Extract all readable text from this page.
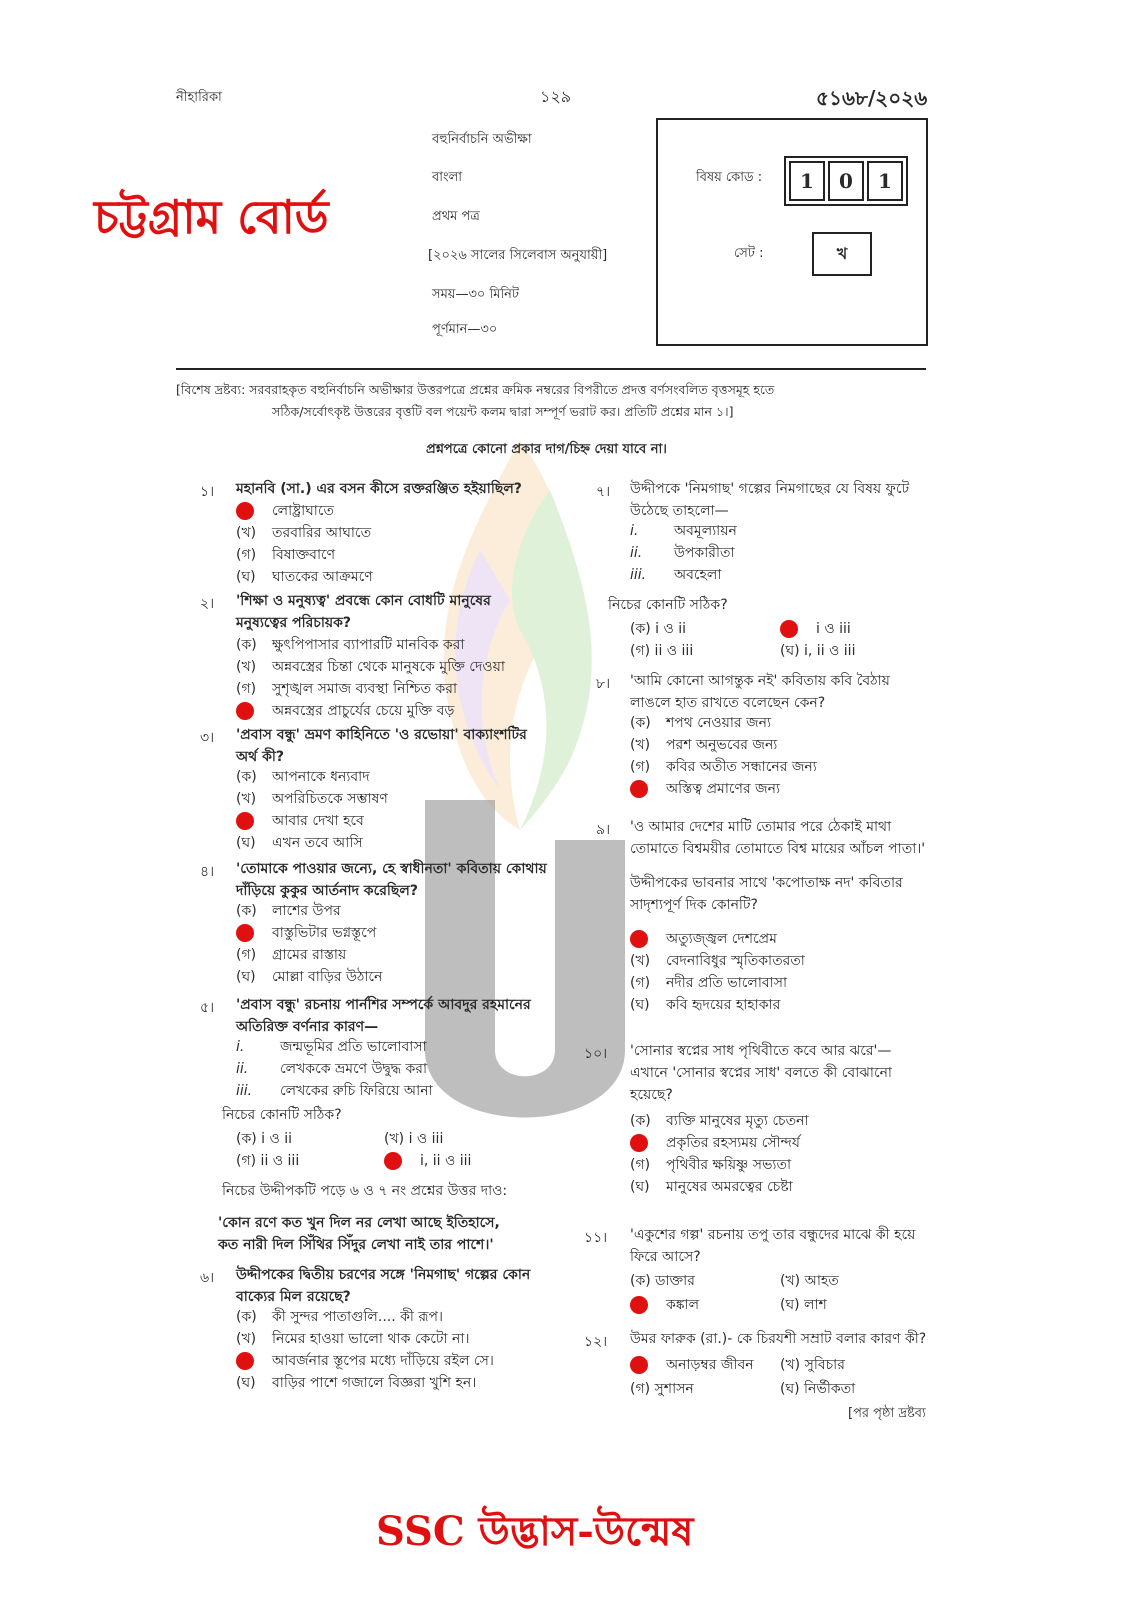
নীহারিকা	১২৯	৫১৬৮/২০২৬
চট্টগ্রাম বোর্ড
বহুনির্বাচনি অভীক্ষা
বাংলা
প্রথম পত্র
[২০২৬ সালের সিলেবাস অনুযায়ী]
সময়—৩০ মিনিট
পূর্ণমান—৩০
বিষয় কোড :	1	0	1
সেট :	খ
[বিশেষ দ্রষ্টব্য: সরবরাহকৃত বহুনির্বাচনি অভীক্ষার উত্তরপত্রে প্রশ্নের ক্রমিক নম্বরের বিপরীতে প্রদত্ত বর্ণসংবলিত বৃত্তসমূহ হতে
সঠিক/সর্বোৎকৃষ্ট উত্তরের বৃত্তটি বল পয়েন্ট কলম দ্বারা সম্পূর্ণ ভরাট কর। প্রতিটি প্রশ্নের মান ১।]
প্রশ্নপত্রে কোনো প্রকার দাগ/চিহ্ন দেয়া যাবে না।
১। মহানবি (সা.) এর বসন কীসে রক্তরঞ্জিত হইয়াছিল?
লোষ্ট্রাঘাতে
(খ)	তরবারির আঘাতে
(গ)	বিষাক্তবাণে
(ঘ)	ঘাতকের আক্রমণে
২। 'শিক্ষা ও মনুষ্যত্ব' প্রবন্ধে কোন বোধটি মানুষের
মনুষ্যত্বের পরিচায়ক?
(ক)	ক্ষুৎপিপাসার ব্যাপারটি মানবিক করা
(খ)	অন্নবস্ত্রের চিন্তা থেকে মানুষকে মুক্তি দেওয়া
(গ)	সুশৃঙ্খল সমাজ ব্যবস্থা নিশ্চিত করা
অন্নবস্ত্রের প্রাচুর্যের চেয়ে মুক্তি বড়
৩। 'প্রবাস বন্ধু' ভ্রমণ কাহিনিতে 'ও রভোয়া' বাক্যাংশটির
অর্থ কী?
(ক)	আপনাকে ধন্যবাদ
(খ)	অপরিচিতকে সম্ভাষণ
আবার দেখা হবে
(ঘ)	এখন তবে আসি
৪। 'তোমাকে পাওয়ার জন্যে, হে স্বাধীনতা' কবিতায় কোথায়
দাঁড়িয়ে কুকুর আর্তনাদ করেছিল?
(ক)	লাশের উপর
বাস্তুভিটার ভগ্নস্তূপে
(গ)	গ্রামের রাস্তায়
(ঘ)	মোল্লা বাড়ির উঠানে
৫। 'প্রবাস বন্ধু' রচনায় পার্নশির সম্পর্কে আবদুর রহমানের
অতিরিক্ত বর্ণনার কারণ—
i.	জন্মভূমির প্রতি ভালোবাসা
ii.	লেখককে ভ্রমণে উদ্বুদ্ধ করা
iii.	লেখকের রুচি ফিরিয়ে আনা
নিচের কোনটি সঠিক?
(ক) i ও ii	(খ) i ও iii
(গ) ii ও iii	i, ii ও iii
নিচের উদ্দীপকটি পড়ে ৬ ও ৭ নং প্রশ্নের উত্তর দাও:
'কোন রণে কত খুন দিল নর লেখা আছে ইতিহাসে,
কত নারী দিল সিঁথির সিঁদুর লেখা নাই তার পাশে।'
৬। উদ্দীপকের দ্বিতীয় চরণের সঙ্গে 'নিমগাছ' গল্পের কোন
বাক্যের মিল রয়েছে?
(ক)	কী সুন্দর পাতাগুলি.... কী রূপ।
(খ)	নিমের হাওয়া ভালো থাক কেটো না।
আবর্জনার স্তূপের মধ্যে দাঁড়িয়ে রইল সে।
(ঘ)	বাড়ির পাশে গজালে বিজ্ঞরা খুশি হন।
৭। উদ্দীপকে 'নিমগাছ' গল্পের নিমগাছের যে বিষয় ফুটে
উঠেছে তাহলো—
i.	অবমূল্যায়ন
ii.	উপকারীতা
iii.	অবহেলা
নিচের কোনটি সঠিক?
(ক) i ও ii	i ও iii
(গ) ii ও iii	(ঘ) i, ii ও iii
৮। 'আমি কোনো আগন্তুক নই' কবিতায় কবি বৈঠায়
লাঙলে হাত রাখতে বলেছেন কেন?
(ক)	শপথ নেওয়ার জন্য
(খ)	পরশ অনুভবের জন্য
(গ)	কবির অতীত সন্ধানের জন্য
অস্তিত্ব প্রমাণের জন্য
৯। 'ও আমার দেশের মাটি তোমার পরে ঠেকাই মাথা
তোমাতে বিশ্বময়ীর তোমাতে বিশ্ব মায়ের আঁচল পাতা।'
উদ্দীপকের ভাবনার সাথে 'কপোতাক্ষ নদ' কবিতার
সাদৃশ্যপূর্ণ দিক কোনটি?
অত্যুজ্জ্বল দেশপ্রেম
(খ)	বেদনাবিধুর স্মৃতিকাতরতা
(গ)	নদীর প্রতি ভালোবাসা
(ঘ)	কবি হৃদয়ের হাহাকার
১০। 'সোনার স্বপ্নের সাধ পৃথিবীতে কবে আর ঝরে'—
এখানে 'সোনার স্বপ্নের সাধ' বলতে কী বোঝানো
হয়েছে?
(ক)	ব্যক্তি মানুষের মৃত্যু চেতনা
প্রকৃতির রহস্যময় সৌন্দর্য
(গ)	পৃথিবীর ক্ষয়িষ্ণু সভ্যতা
(ঘ)	মানুষের অমরত্বের চেষ্টা
১১। 'একুশের গল্প' রচনায় তপু তার বন্ধুদের মাঝে কী হয়ে
ফিরে আসে?
(ক) ডাক্তার	(খ) আহত
কঙ্কাল	(ঘ) লাশ
১২। উমর ফারুক (রা.)- কে চিরযশী সম্রাট বলার কারণ কী?
অনাড়ম্বর জীবন (খ) সুবিচার
(গ) সুশাসন	(ঘ) নির্ভীকতা
[পর পৃষ্ঠা দ্রষ্টব্য
SSC উদ্ভাস-উন্মেষ
